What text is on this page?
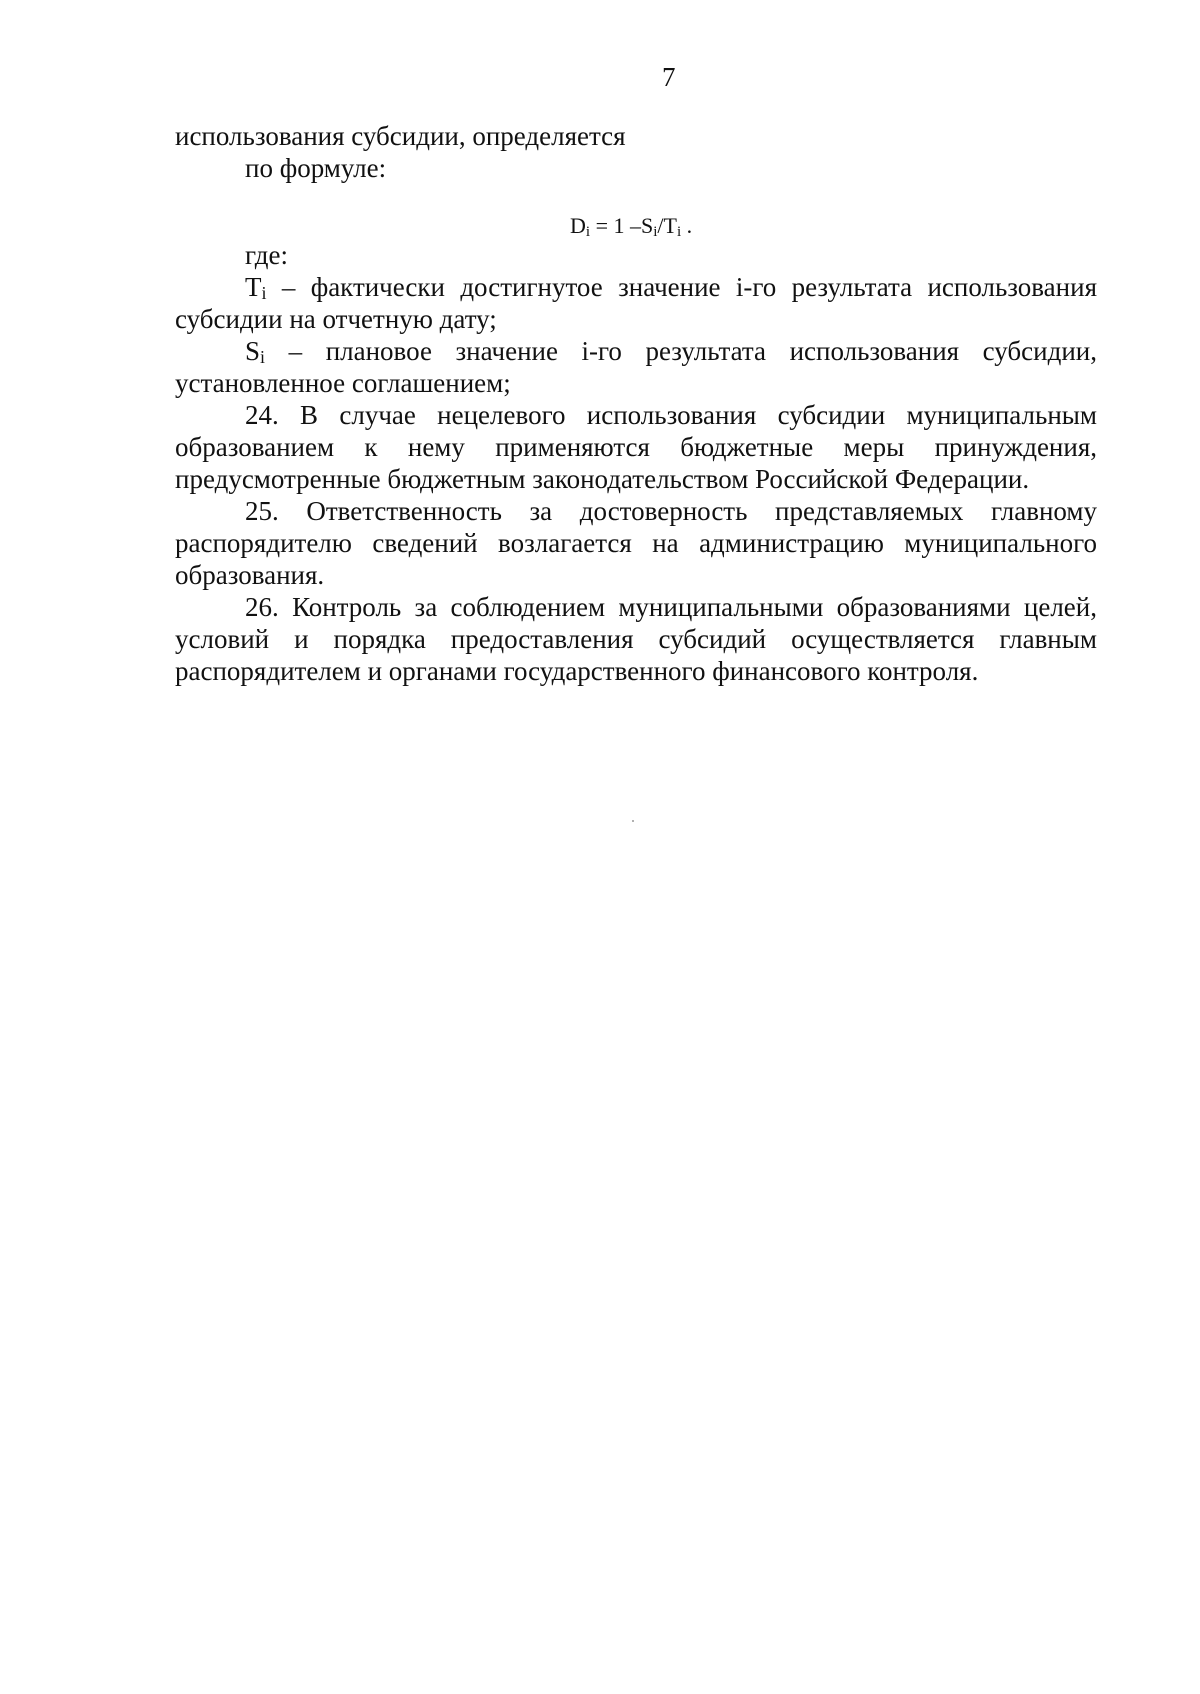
7
использования субсидии, определяется
по формуле:
$D_i = 1$ $-S_i/T_i$ .
где:
$T_i$ – фактически достигнутое значение i-го результата использования
субсидии на отчетную дату;
$S_i$ – плановое значение i-го результата использования субсидии,
установленное соглашением;
24. В случае нецелевого использования субсидии муниципальным
образованием к нему применяются бюджетные меры принуждения,
предусмотренные бюджетным законодательством Российской Федерации.
25. Ответственность за достоверность представляемых главному
распорядителю сведений возлагается на администрацию муниципального
образования.
26. Контроль за соблюдением муниципальными образованиями целей,
условий и порядка предоставления субсидий осуществляется главным
распорядителем и органами государственного финансового контроля.
